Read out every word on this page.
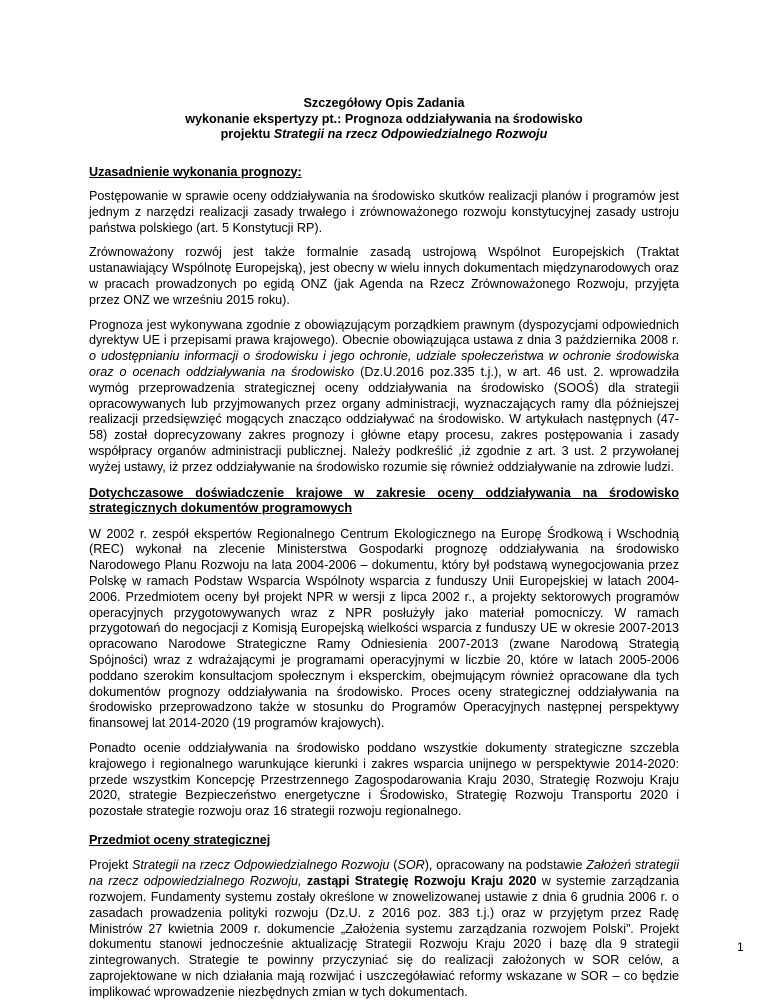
Szczegółowy Opis Zadania
wykonanie ekspertyzy pt.: Prognoza oddziaływania na środowisko
projektu Strategii na rzecz Odpowiedzialnego Rozwoju
Uzasadnienie wykonania prognozy:

Postępowanie w sprawie oceny oddziaływania na środowisko skutków realizacji planów i programów jest jednym z narzędzi realizacji zasady trwałego i zrównoważonego rozwoju konstytucyjnej zasady ustroju państwa polskiego (art. 5 Konstytucji RP).

Zrównoważony rozwój jest także formalnie zasadą ustrojową Wspólnot Europejskich (Traktat ustanawiający Wspólnotę Europejską), jest obecny w wielu innych dokumentach międzynarodowych oraz w pracach prowadzonych po egidą ONZ (jak Agenda na Rzecz Zrównoważonego Rozwoju, przyjęta przez ONZ we wrześniu 2015 roku).

Prognoza jest wykonywana zgodnie z obowiązującym porządkiem prawnym (dyspozycjami odpowiednich dyrektyw UE i przepisami prawa krajowego). Obecnie obowiązująca ustawa z dnia 3 października 2008 r. o udostępnianiu informacji o środowisku i jego ochronie, udziale społeczeństwa w ochronie środowiska oraz o ocenach oddziaływania na środowisko (Dz.U.2016 poz.335 t.j.), w art. 46 ust. 2. wprowadziła wymóg przeprowadzenia strategicznej oceny oddziaływania na środowisko (SOOŚ) dla strategii opracowywanych lub przyjmowanych przez organy administracji, wyznaczających ramy dla późniejszej realizacji przedsięwzięć mogących znacząco oddziaływać na środowisko. W artykułach następnych (47-58) został doprecyzowany zakres prognozy i główne etapy procesu, zakres postępowania i zasady współpracy organów administracji publicznej. Należy podkreślić ,iż zgodnie z art. 3 ust. 2 przywołanej wyżej ustawy, iż przez oddziaływanie na środowisko rozumie się również oddziaływanie na zdrowie ludzi.

Dotychczasowe doświadczenie krajowe w zakresie oceny oddziaływania na środowisko strategicznych dokumentów programowych

W 2002 r. zespół ekspertów Regionalnego Centrum Ekologicznego na Europę Środkową i Wschodnią (REC) wykonał na zlecenie Ministerstwa Gospodarki prognozę oddziaływania na środowisko Narodowego Planu Rozwoju na lata 2004-2006 – dokumentu, który był podstawą wynegocjowania przez Polskę w ramach Podstaw Wsparcia Wspólnoty wsparcia z funduszy Unii Europejskiej w latach 2004-2006. Przedmiotem oceny był projekt NPR w wersji z lipca 2002 r., a projekty sektorowych programów operacyjnych przygotowywanych wraz z NPR posłużyły jako materiał pomocniczy. W ramach przygotowań do negocjacji z Komisją Europejską wielkości wsparcia z funduszy UE w okresie 2007-2013 opracowano Narodowe Strategiczne Ramy Odniesienia 2007-2013 (zwane Narodową Strategią Spójności) wraz z wdrażającymi je programami operacyjnymi w liczbie 20, które w latach 2005-2006 poddano szerokim konsultacjom społecznym i eksperckim, obejmującym również opracowane dla tych dokumentów prognozy oddziaływania na środowisko. Proces oceny strategicznej oddziaływania na środowisko przeprowadzono także w stosunku do Programów Operacyjnych następnej perspektywy finansowej lat 2014-2020 (19 programów krajowych).

Ponadto ocenie oddziaływania na środowisko poddano wszystkie dokumenty strategiczne szczebla krajowego i regionalnego warunkujące kierunki i zakres wsparcia unijnego w perspektywie 2014-2020: przede wszystkim Koncepcję Przestrzennego Zagospodarowania Kraju 2030, Strategię Rozwoju Kraju 2020, strategie Bezpieczeństwo energetyczne i Środowisko, Strategię Rozwoju Transportu 2020 i pozostałe strategie rozwoju oraz 16 strategii rozwoju regionalnego.

Przedmiot oceny strategicznej

Projekt Strategii na rzecz Odpowiedzialnego Rozwoju (SOR), opracowany na podstawie Założeń strategii na rzecz odpowiedzialnego Rozwoju, zastąpi Strategię Rozwoju Kraju 2020 w systemie zarządzania rozwojem. Fundamenty systemu zostały określone w znowelizowanej ustawie z dnia 6 grudnia 2006 r. o zasadach prowadzenia polityki rozwoju (Dz.U. z 2016 poz. 383 t.j.) oraz w przyjętym przez Radę Ministrów 27 kwietnia 2009 r. dokumencie „Założenia systemu zarządzania rozwojem Polski”. Projekt dokumentu stanowi jednocześnie aktualizację Strategii Rozwoju Kraju 2020 i bazę dla 9 strategii zintegrowanych. Strategie te powinny przyczyniać się do realizacji założonych w SOR celów, a zaprojektowane w nich działania mają rozwijać i uszczegóławiać reformy wskazane w SOR – co będzie implikować wprowadzenie niezbędnych zmian w tych dokumentach.

1
